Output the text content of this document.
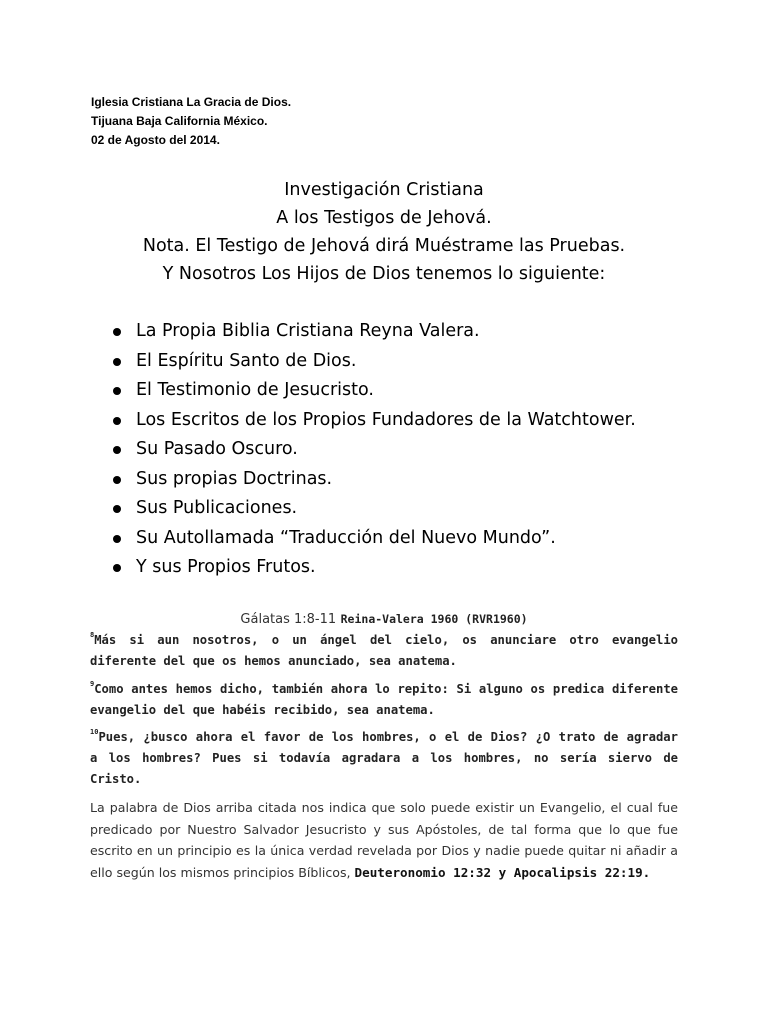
Iglesia Cristiana La Gracia de Dios.
Tijuana Baja California México.
02 de Agosto del 2014.
Investigación Cristiana
A los Testigos de Jehová.
Nota. El Testigo de Jehová dirá Muéstrame las Pruebas.
Y Nosotros Los Hijos de Dios tenemos lo siguiente:
La Propia Biblia Cristiana Reyna Valera.
El Espíritu Santo de Dios.
El Testimonio de Jesucristo.
Los Escritos de los Propios Fundadores de la Watchtower.
Su Pasado Oscuro.
Sus propias Doctrinas.
Sus Publicaciones.
Su Autollamada “Traducción del Nuevo Mundo”.
Y sus Propios Frutos.
Gálatas 1:8-11 Reina-Valera 1960 (RVR1960)
$^8$Más si aun nosotros, o un ángel del cielo, os anunciare otro evangelio diferente del que os hemos anunciado, sea anatema.
$^9$Como antes hemos dicho, también ahora lo repito: Si alguno os predica diferente evangelio del que habéis recibido, sea anatema.
$^{10}$Pues, ¿busco ahora el favor de los hombres, o el de Dios? ¿O trato de agradar a los hombres? Pues si todavía agradara a los hombres, no sería siervo de Cristo.
La palabra de Dios arriba citada nos indica que solo puede existir un Evangelio, el cual fue predicado por Nuestro Salvador Jesucristo y sus Apóstoles, de tal forma que lo que fue escrito en un principio es la única verdad revelada por Dios y nadie puede quitar ni añadir a ello según los mismos principios Bíblicos, Deuteronomio 12:32 y Apocalipsis 22:19.
